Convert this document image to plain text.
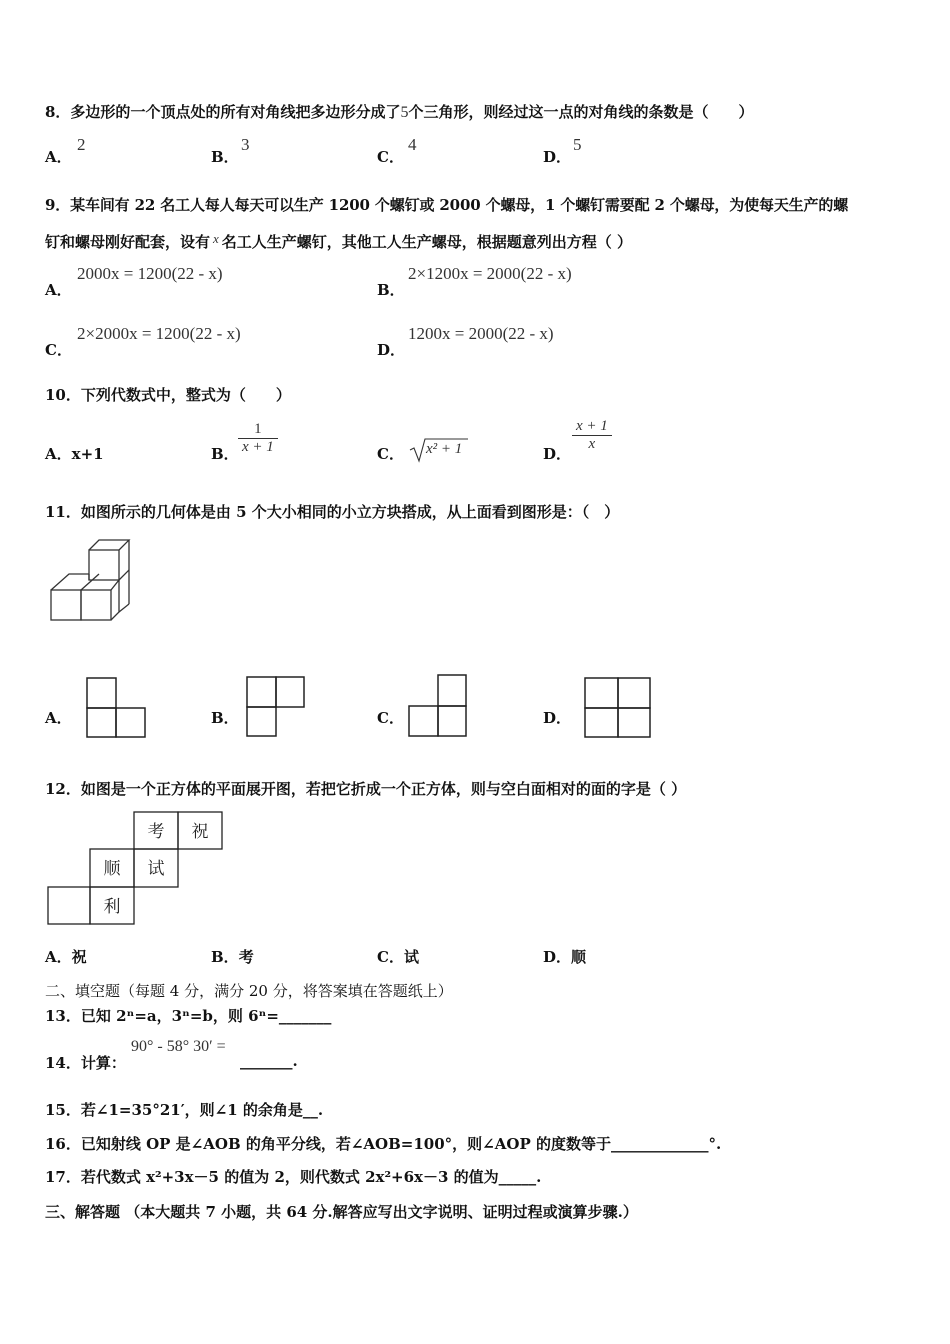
8．多边形的一个顶点处的所有对角线把多边形分成了5个三角形，则经过这一点的对角线的条数是（　　）
A．
2
B．
3
C．
4
D．
5
9．某车间有 22 名工人每人每天可以生产 1200 个螺钉或 2000 个螺母，1 个螺钉需要配 2 个螺母，为使每天生产的螺
钉和螺母刚好配套，设有 x 名工人生产螺钉，其他工人生产螺母，根据题意列出方程（ ）
A．
2000x = 1200(22 - x)
B．
2×1200x = 2000(22 - x)
C．
2×2000x = 1200(22 - x)
D．
1200x = 2000(22 - x)
10．下列代数式中，整式为（　　）
A．x+1	B． $\frac{1}{x + 1}$	C． x² + 1	D．
$\frac{x + 1}{x}$
11．如图所示的几何体是由 5 个大小相同的小立方块搭成，从上面看到图形是：（　）
A．	B．	C．	D．
12．如图是一个正方体的平面展开图，若把它折成一个正方体，则与空白面相对的面的字是（ ）
考 祝
顺 试
利
A．祝	B．考	C．试	D．顺
二、填空题（每题 4 分，满分 20 分，将答案填在答题纸上）
13．已知 2ⁿ=a，3ⁿ=b，则 6ⁿ=_______
14．计算：
90° - 58° 30′ =
_______.
15．若∠1=35°21′，则∠1 的余角是__.
16．已知射线 OP 是∠AOB 的角平分线，若∠AOB=100°，则∠AOP 的度数等于_____________°.
17．若代数式 x²+3x－5 的值为 2，则代数式 2x²+6x－3 的值为_____.
三、解答题 （本大题共 7 小题，共 64 分.解答应写出文字说明、证明过程或演算步骤.）
